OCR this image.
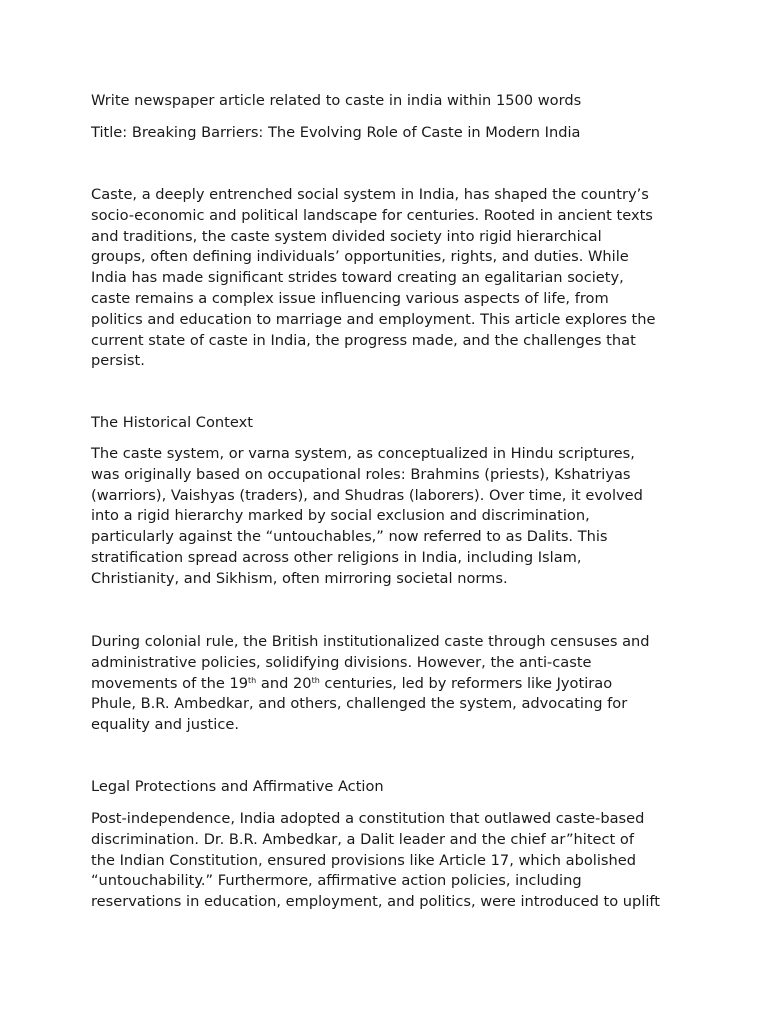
Write newspaper article related to caste in india within 1500 words

Title: Breaking Barriers: The Evolving Role of Caste in Modern India

Caste, a deeply entrenched social system in India, has shaped the country’s
socio-economic and political landscape for centuries. Rooted in ancient texts
and traditions, the caste system divided society into rigid hierarchical
groups, often defining individuals’ opportunities, rights, and duties. While
India has made significant strides toward creating an egalitarian society,
caste remains a complex issue influencing various aspects of life, from
politics and education to marriage and employment. This article explores the
current state of caste in India, the progress made, and the challenges that
persist.

The Historical Context

The caste system, or varna system, as conceptualized in Hindu scriptures,
was originally based on occupational roles: Brahmins (priests), Kshatriyas
(warriors), Vaishyas (traders), and Shudras (laborers). Over time, it evolved
into a rigid hierarchy marked by social exclusion and discrimination,
particularly against the “untouchables,” now referred to as Dalits. This
stratification spread across other religions in India, including Islam,
Christianity, and Sikhism, often mirroring societal norms.

During colonial rule, the British institutionalized caste through censuses and
administrative policies, solidifying divisions. However, the anti-caste
movements of the 19th and 20th centuries, led by reformers like Jyotirao
Phule, B.R. Ambedkar, and others, challenged the system, advocating for
equality and justice.

Legal Protections and Affirmative Action

Post-independence, India adopted a constitution that outlawed caste-based
discrimination. Dr. B.R. Ambedkar, a Dalit leader and the chief ar”hitect of
the Indian Constitution, ensured provisions like Article 17, which abolished
“untouchability.” Furthermore, affirmative action policies, including
reservations in education, employment, and politics, were introduced to uplift
